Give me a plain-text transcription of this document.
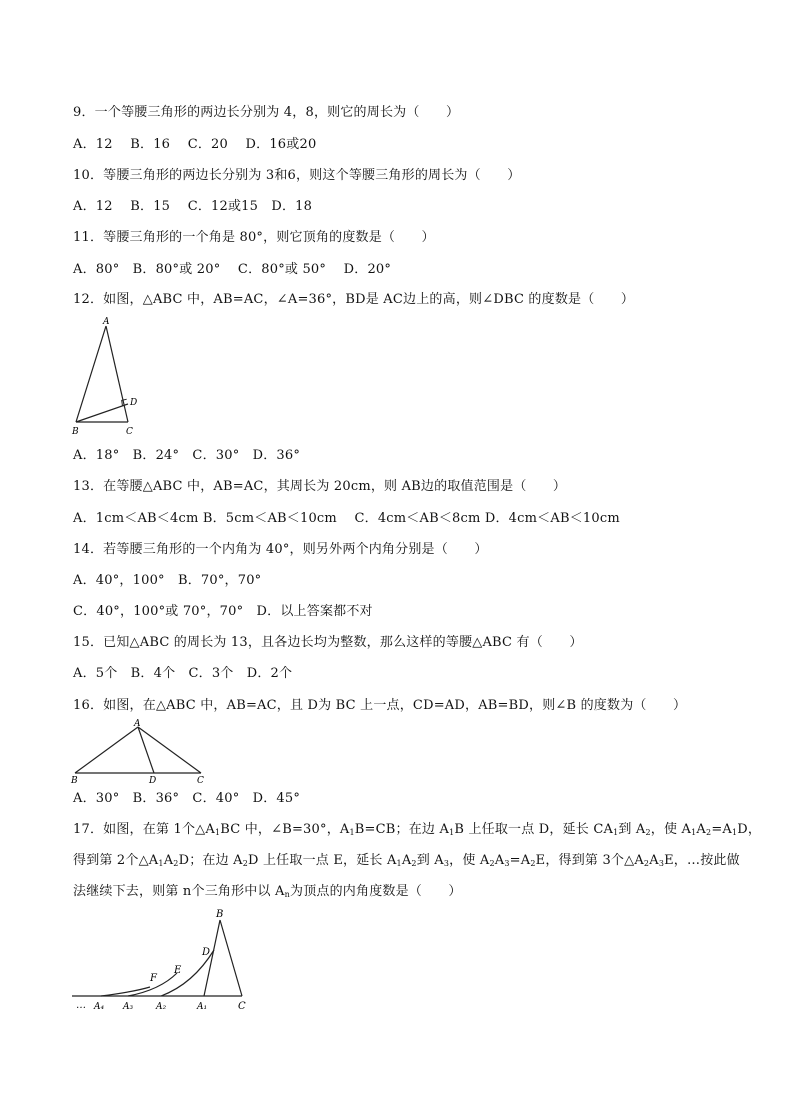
9．一个等腰三角形的两边长分别为 4，8，则它的周长为（　　）
A．12　 B．16　 C．20　 D．16或20
10．等腰三角形的两边长分别为 3和6，则这个等腰三角形的周长为（　　）
A．12　 B．15　 C．12或15　D．18
11．等腰三角形的一个角是 80°，则它顶角的度数是（　　）
A．80°　B．80°或 20°　 C．80°或 50°　 D．20°
12．如图，△ABC 中，AB=AC，∠A=36°，BD是 AC边上的高，则∠DBC 的度数是（　　）
A
B	C
D
A．18°　B．24°　C．30°　D．36°
13．在等腰△ABC 中，AB=AC，其周长为 20cm，则 AB边的取值范围是（　　）
A．1cm＜AB＜4cm B．5cm＜AB＜10cm　 C．4cm＜AB＜8cm D．4cm＜AB＜10cm
14．若等腰三角形的一个内角为 40°，则另外两个内角分别是（　　）
A．40°，100°　B．70°，70°
C．40°，100°或 70°，70°　D．以上答案都不对
15．已知△ABC 的周长为 13，且各边长均为整数，那么这样的等腰△ABC 有（　　）
A．5个　B．4个　C．3个　D．2个
16．如图，在△ABC 中，AB=AC，且 D为 BC 上一点，CD=AD，AB=BD，则∠B 的度数为（　　）
A
B	D	C
A．30°　B．36°　C．40°　D．45°
17．如图，在第 1个$\triangle A_1BC$ 中，∠B=30°，$A_1B=CB$；在边 $A_1B$ 上任取一点 D，延长 $CA_1$到 $A_2$，使 $A_1A_2=A_1D$，
得到第 2个$\triangle A_1A_2D$；在边 $A_2D$ 上任取一点 E，延长 $A_1A_2$到 $A_3$，使 $A_2A_3=A_2E$，得到第 3个$\triangle A_2A_3E$，…按此做
法继续下去，则第 n个三角形中以 $A_n$为顶点的内角度数是（　　）
B
D
E
F
C
A₁
A₂
A₃
A₄
…
